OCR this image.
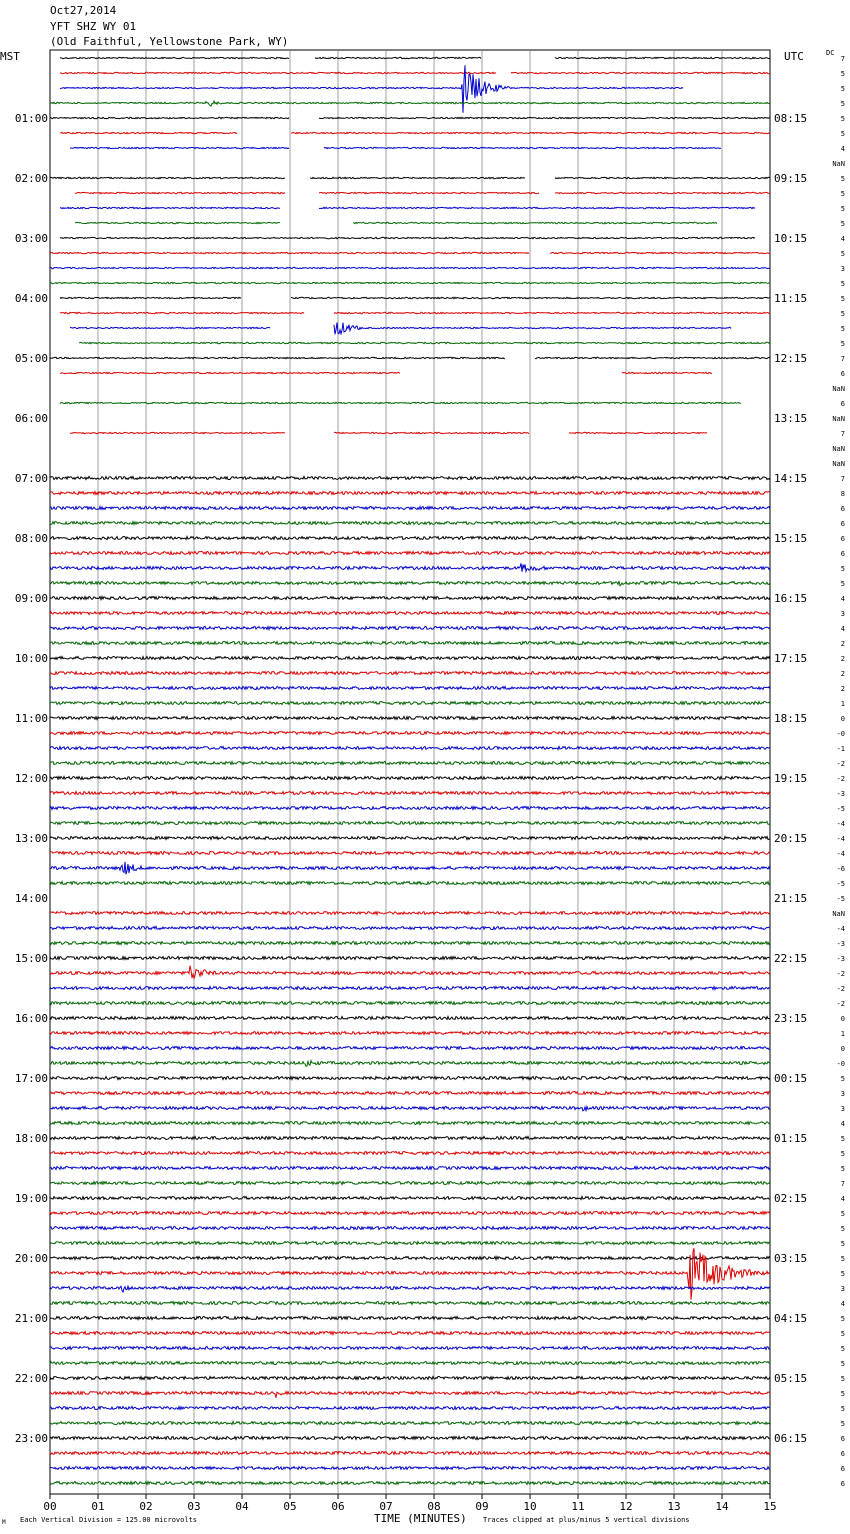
Oct27,2014
YFT SHZ WY 01
(Old Faithful, Yellowstone Park, WY)
MST	UTC	DC
01:00
02:00
03:00
04:00
05:00
06:00
07:00
08:00
09:00
10:00
11:00
12:00
13:00
14:00
15:00
16:00
17:00
18:00
19:00
20:00
21:00
22:00
23:00
08:15
09:15
10:15
11:15
12:15
13:15
14:15
15:15
16:15
17:15
18:15
19:15
20:15
21:15
22:15
23:15
00:15
01:15
02:15
03:15
04:15
05:15
06:15
7
5
5
5
5
5
4
NaN
5
5
5
5
4
5
3
5
5
5
5
5
7
6
NaN
6
NaN
7
NaN
NaN
7
8
6
6
6
6
5
5
4
3
4
2
2
2
2
1
0
-0
-1
-2
-2
-3
-5
-4
-4
-4
-6
-5
-5
NaN
-4
-3
-3
-2
-2
-2
0
1
0
-0
5
3
3
4
5
5
5
7
4
5
5
5
5
5
3
4
5
5
5
5
5
5
5
5
6
6
6
6
00	01	02	03	04	05	06	07	08	09	10	11	12	13	14	15
TIME (MINUTES)
Each Vertical Division = 125.00 microvolts	Traces clipped at plus/minus 5 vertical divisions
M
